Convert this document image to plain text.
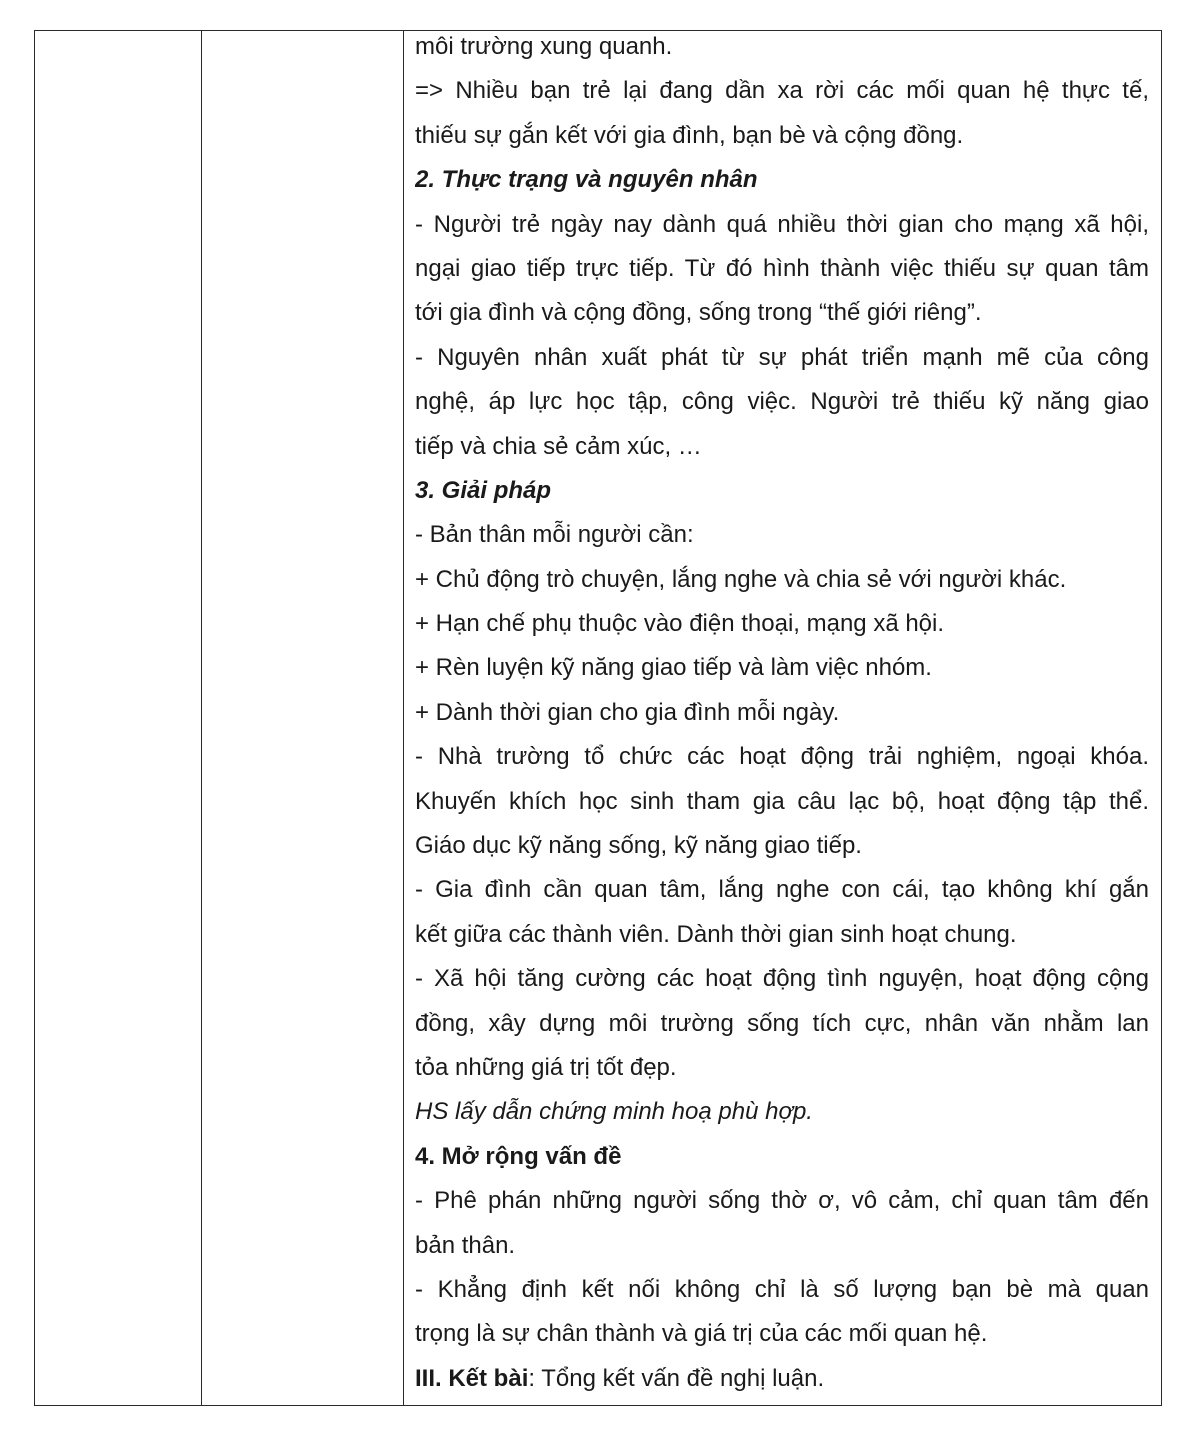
môi trường xung quanh.
=> Nhiều bạn trẻ lại đang dần xa rời các mối quan hệ thực tế,
thiếu sự gắn kết với gia đình, bạn bè và cộng đồng.
2. Thực trạng và nguyên nhân
- Người trẻ ngày nay dành quá nhiều thời gian cho mạng xã hội,
ngại giao tiếp trực tiếp. Từ đó hình thành việc thiếu sự quan tâm
tới gia đình và cộng đồng, sống trong “thế giới riêng”.
- Nguyên nhân xuất phát từ sự phát triển mạnh mẽ của công
nghệ, áp lực học tập, công việc. Người trẻ thiếu kỹ năng giao
tiếp và chia sẻ cảm xúc, …
3. Giải pháp
- Bản thân mỗi người cần:
+ Chủ động trò chuyện, lắng nghe và chia sẻ với người khác.
+ Hạn chế phụ thuộc vào điện thoại, mạng xã hội.
+ Rèn luyện kỹ năng giao tiếp và làm việc nhóm.
+ Dành thời gian cho gia đình mỗi ngày.
- Nhà trường tổ chức các hoạt động trải nghiệm, ngoại khóa.
Khuyến khích học sinh tham gia câu lạc bộ, hoạt động tập thể.
Giáo dục kỹ năng sống, kỹ năng giao tiếp.
- Gia đình cần quan tâm, lắng nghe con cái, tạo không khí gắn
kết giữa các thành viên. Dành thời gian sinh hoạt chung.
- Xã hội tăng cường các hoạt động tình nguyện, hoạt động cộng
đồng, xây dựng môi trường sống tích cực, nhân văn nhằm lan
tỏa những giá trị tốt đẹp.
HS lấy dẫn chứng minh hoạ phù hợp.
4. Mở rộng vấn đề
- Phê phán những người sống thờ ơ, vô cảm, chỉ quan tâm đến
bản thân.
- Khẳng định kết nối không chỉ là số lượng bạn bè mà quan
trọng là sự chân thành và giá trị của các mối quan hệ.
III. Kết bài: Tổng kết vấn đề nghị luận.
